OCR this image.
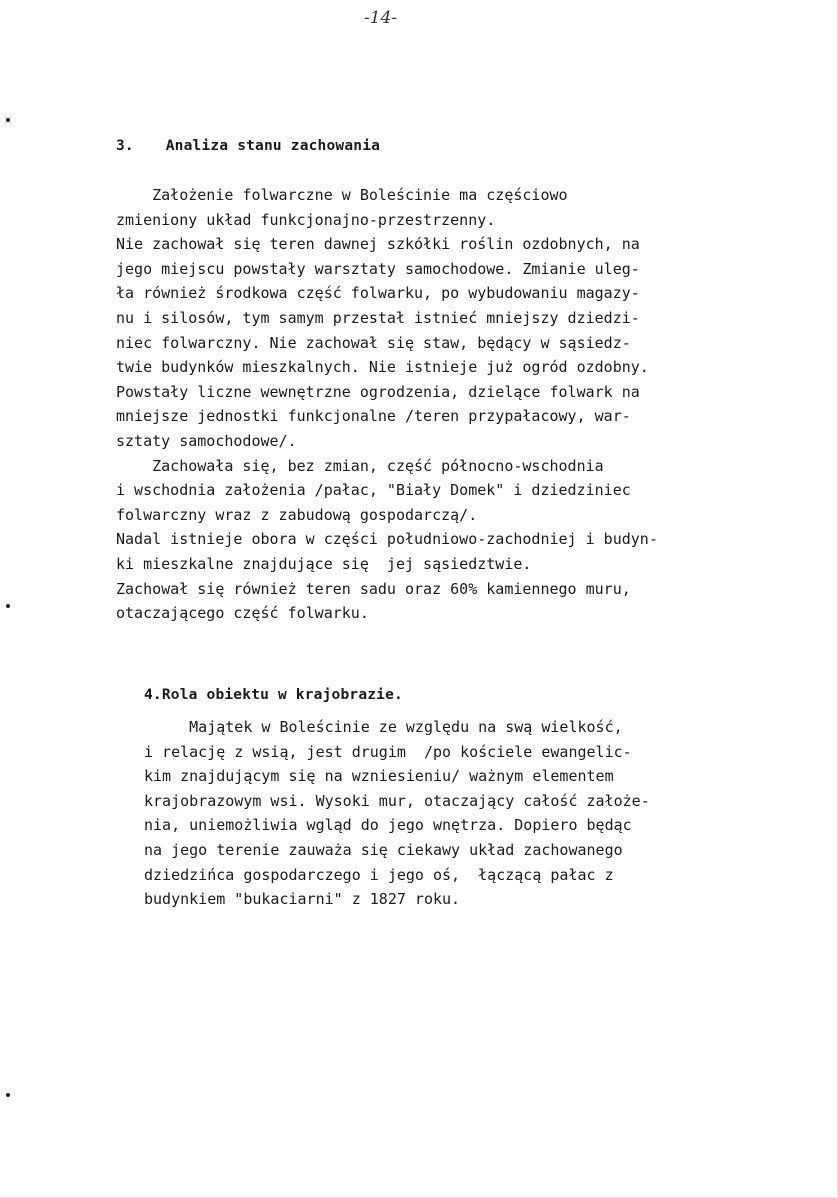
-14-
3. Analiza stanu zachowania
Założenie folwarczne w Boleścinie ma częściowo
zmieniony układ funkcjonajno-przestrzenny.
Nie zachował się teren dawnej szkółki roślin ozdobnych, na
jego miejscu powstały warsztaty samochodowe. Zmianie uleg-
ła również środkowa część folwarku, po wybudowaniu magazy-
nu i silosów, tym samym przestał istnieć mniejszy dziedzi-
niec folwarczny. Nie zachował się staw, będący w sąsiedz-
twie budynków mieszkalnych. Nie istnieje już ogród ozdobny.
Powstały liczne wewnętrzne ogrodzenia, dzielące folwark na
mniejsze jednostki funkcjonalne /teren przypałacowy, war-
sztaty samochodowe/.
Zachowała się, bez zmian, część północno-wschodnia
i wschodnia założenia /pałac, "Biały Domek" i dziedziniec
folwarczny wraz z zabudową gospodarczą/.
Nadal istnieje obora w części południowo-zachodniej i budyn-
ki mieszkalne znajdujące się  jej sąsiedztwie.
Zachował się również teren sadu oraz 60% kamiennego muru,
otaczającego część folwarku.
4.Rola obiektu w krajobrazie.
Majątek w Boleścinie ze względu na swą wielkość,
i relację z wsią, jest drugim  /po kościele ewangelic-
kim znajdującym się na wzniesieniu/ ważnym elementem
krajobrazowym wsi. Wysoki mur, otaczający całość założe-
nia, uniemożliwia wgląd do jego wnętrza. Dopiero będąc
na jego terenie zauważa się ciekawy układ zachowanego
dziedzińca gospodarczego i jego oś,  łączącą pałac z
budynkiem "bukaciarni" z 1827 roku.
